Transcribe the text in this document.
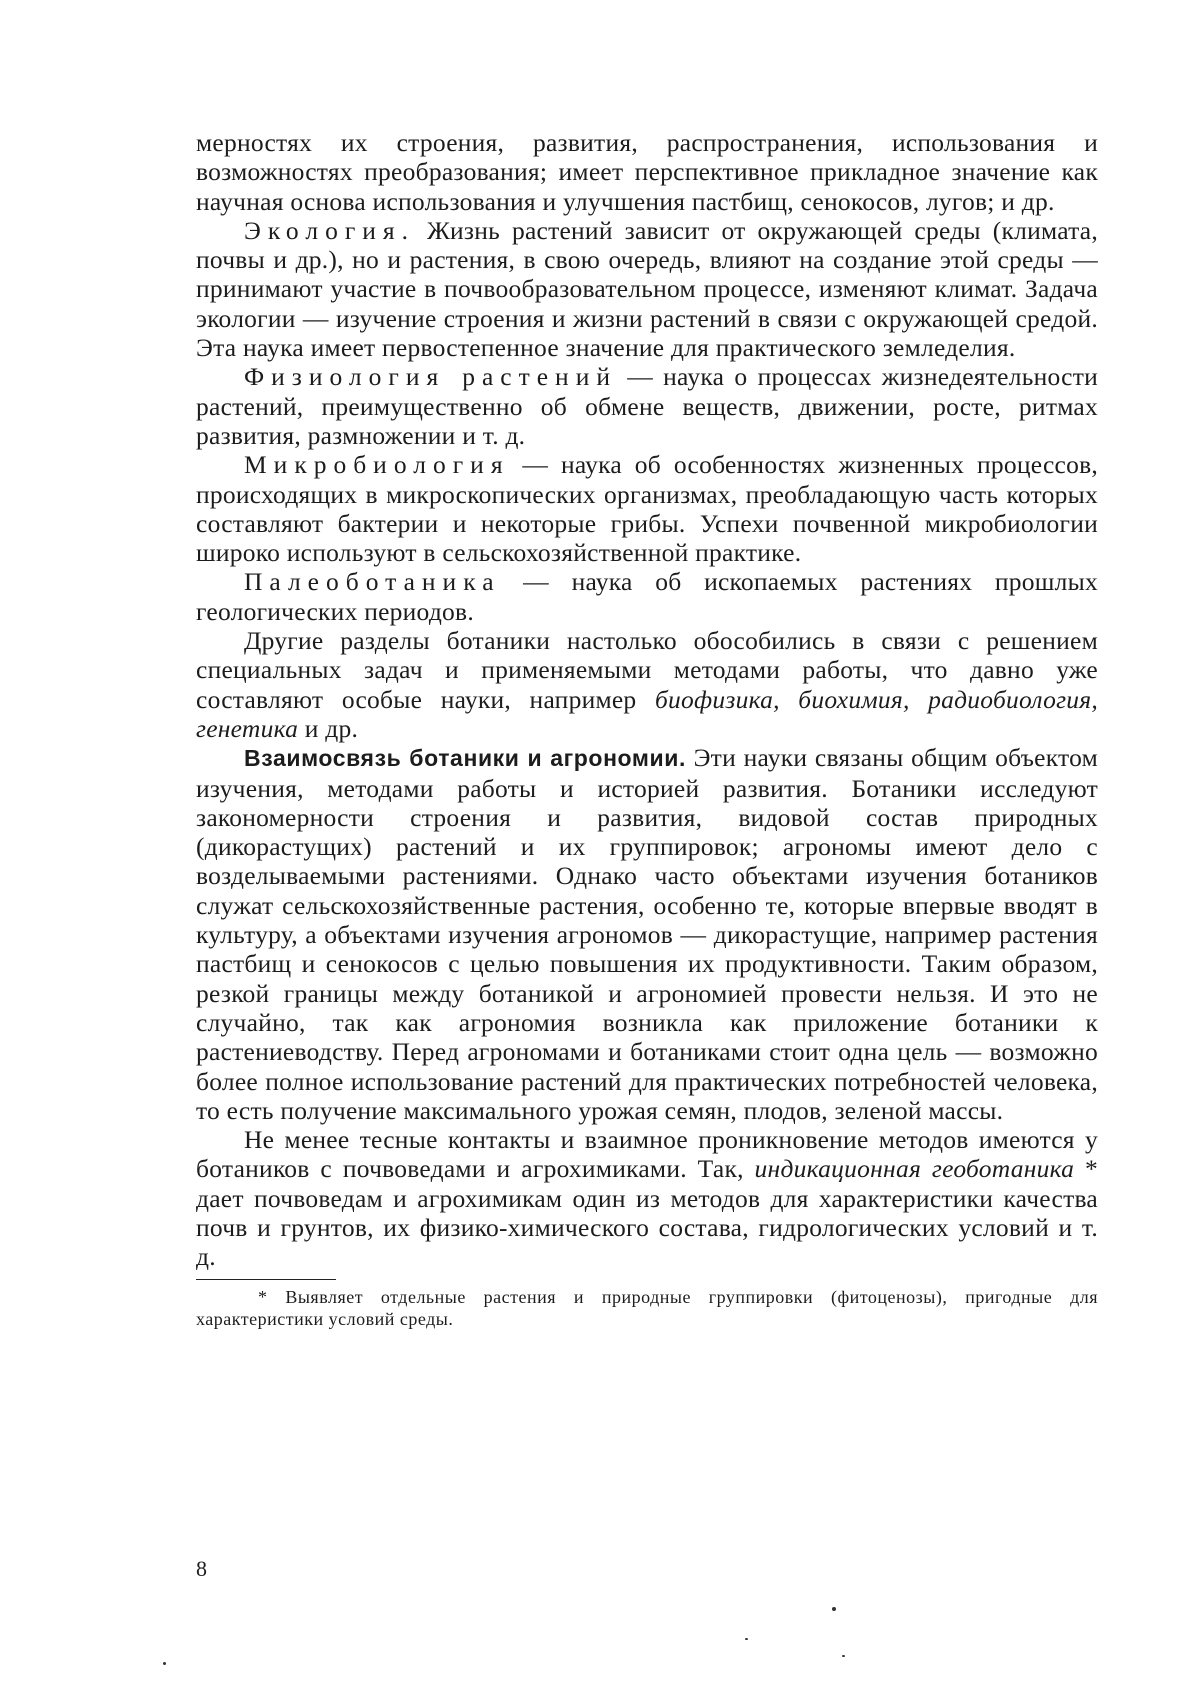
мерностях их строения, развития, распространения, использования и возможностях преобразования; имеет перспективное прикладное значение как научная основа использования и улучшения пастбищ, сенокосов, лугов; и др.

Экология. Жизнь растений зависит от окружающей среды (климата, почвы и др.), но и растения, в свою очередь, влияют на создание этой среды — принимают участие в почвообразовательном процессе, изменяют климат. Задача экологии — изучение строения и жизни растений в связи с окружающей средой. Эта наука имеет первостепенное значение для практического земледелия.

Физиология растений — наука о процессах жизнедеятельности растений, преимущественно об обмене веществ, движении, росте, ритмах развития, размножении и т. д.

Микробиология — наука об особенностях жизненных процессов, происходящих в микроскопических организмах, преобладающую часть которых составляют бактерии и некоторые грибы. Успехи почвенной микробиологии широко используют в сельскохозяйственной практике.

Палеоботаника — наука об ископаемых растениях прошлых геологических периодов.

Другие разделы ботаники настолько обособились в связи с решением специальных задач и применяемыми методами работы, что давно уже составляют особые науки, например биофизика, биохимия, радиобиология, генетика и др.

Взаимосвязь ботаники и агрономии. Эти науки связаны общим объектом изучения, методами работы и историей развития. Ботаники исследуют закономерности строения и развития, видовой состав природных (дикорастущих) растений и их группировок; агрономы имеют дело с возделываемыми растениями. Однако часто объектами изучения ботаников служат сельскохозяйственные растения, особенно те, которые впервые вводят в культуру, а объектами изучения агрономов — дикорастущие, например растения пастбищ и сенокосов с целью повышения их продуктивности. Таким образом, резкой границы между ботаникой и агрономией провести нельзя. И это не случайно, так как агрономия возникла как приложение ботаники к растениеводству. Перед агрономами и ботаниками стоит одна цель — возможно более полное использование растений для практических потребностей человека, то есть получение максимального урожая семян, плодов, зеленой массы.

Не менее тесные контакты и взаимное проникновение методов имеются у ботаников с почвоведами и агрохимиками. Так, индикационная геоботаника * дает почвоведам и агрохимикам один из методов для характеристики качества почв и грунтов, их физико-химического состава, гидрологических условий и т. д.

* Выявляет отдельные растения и природные группировки (фитоценозы), пригодные для характеристики условий среды.

8
